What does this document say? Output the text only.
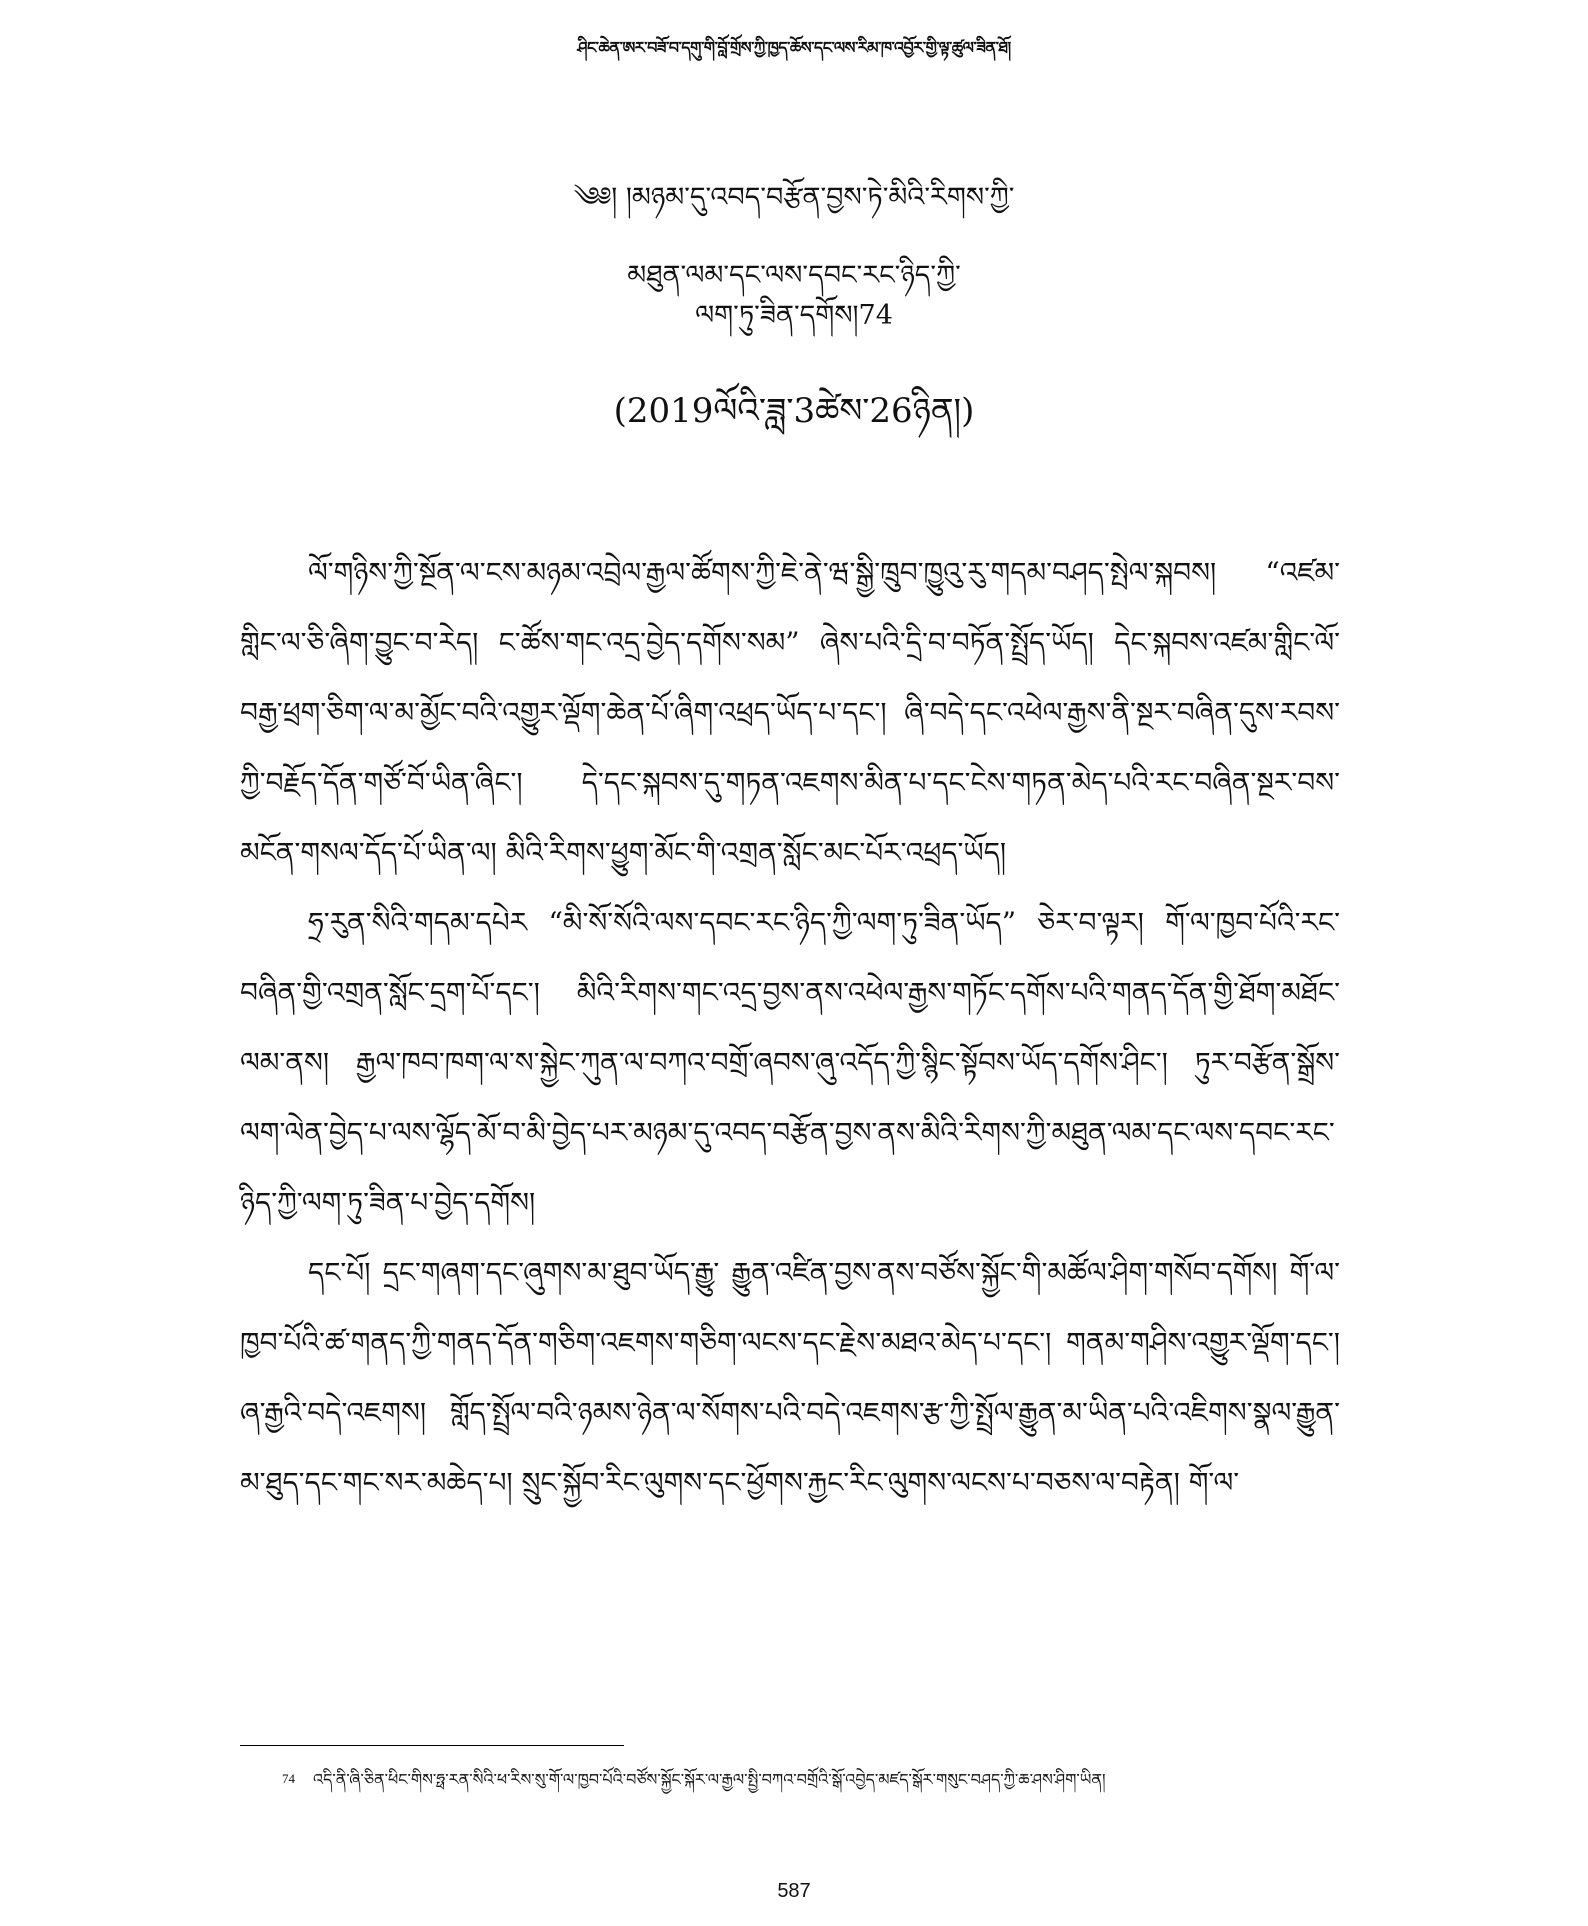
ཤིང་ཆེན་ཨར་བཟོ་བ་དགུ་གི་བློ་གྲོས་ཀྱི་ཁྱད་ཆོས་དང་ལས་རིམ་ཁ་འབྱོར་གྱི་ལྟ་ཚུལ་ཟིན་ཐོ།
༄༅། །མཉམ་དུ་འབད་བརྩོན་བྱས་ཏེ་མིའི་རིགས་ཀྱི་
མཐུན་ལམ་དང་ལས་དབང་རང་ཉིད་ཀྱི་
ལག་ཏུ་ཟིན་དགོས།74
(2019ལོའི་ཟླ་3ཚེས་26ཉིན།)

ལོ་གཉིས་ཀྱི་སྔོན་ལ་ངས་མཉམ་འབྲེལ་རྒྱལ་ཚོགས་ཀྱི་ཇེ་ནེ་ཝ་སྒྱི་ཁྲུབ་ཁྱུའུ་རུ་གདམ་བཤད་སྤེལ་སྐབས། “འཛམ་གླིང་ལ་ཅི་ཞིག་བྱུང་བ་རེད། ང་ཚོས་གང་འདྲ་བྱེད་དགོས་སམ” ཞེས་པའི་དྲི་བ་བཏོན་སྤྲོད་ཡོད། དེང་སྐབས་འཛམ་གླིང་ལོ་བརྒྱ་ཕྲག་ཅིག་ལ་མ་མྱོང་བའི་འགྱུར་ལྡོག་ཆེན་པོ་ཞིག་འཕྲད་ཡོད་པ་དང་། ཞི་བདེ་དང་འཕེལ་རྒྱས་ནི་སྔར་བཞིན་དུས་རབས་ཀྱི་བརྗོད་དོན་གཙོ་བོ་ཡིན་ཞིང་། དེ་དང་སྐབས་དུ་གཏན་འཇགས་མིན་པ་དང་ངེས་གཏན་མེད་པའི་རང་བཞིན་སྔར་བས་མངོན་གསལ་དོད་པོ་ཡིན་ལ། མིའི་རིགས་ཕྱུག་མོང་གི་འགྲན་སློང་མང་པོར་འཕྲད་ཡོད།

ཧྲ་རུན་སིའི་གདམ་དཔེར “མི་སོ་སོའི་ལས་དབང་རང་ཉིད་ཀྱི་ལག་ཏུ་ཟིན་ཡོད” ཅེར་བ་ལྟར། གོ་ལ་ཁྱབ་པོའི་རང་བཞིན་གྱི་འགྲན་སློང་དྲག་པོ་དང་། མིའི་རིགས་གང་འདྲ་བྱས་ནས་འཕེལ་རྒྱས་གཏོང་དགོས་པའི་གནད་དོན་གྱི་ཐོག་མཐོང་ལམ་ནས། རྒྱལ་ཁབ་ཁག་ལ་ས་སྐྱེང་ཀུན་ལ་བཀའ་བགྲོ་ཞབས་ཞུ་འདོད་ཀྱི་སྙིང་སྟོབས་ཡོད་དགོས་ཤིང་། ཏུར་བརྩོན་སྒྲོས་ལག་ལེན་བྱེད་པ་ལས་ལྷོད་མོ་བ་མི་བྱེད་པར་མཉམ་དུ་འབད་བརྩོན་བྱས་ནས་མིའི་རིགས་ཀྱི་མཐུན་ལམ་དང་ལས་དབང་རང་ཉིད་ཀྱི་ལག་ཏུ་ཟིན་པ་བྱེད་དགོས།

དང་པོ། དྲང་གཞག་དང་ཞུགས་མ་ཐུབ་ཡོད་རྒྱུ་ རྒྱུན་འཛིན་བྱས་ནས་བཙོས་སྐྱོང་གི་མཚོལ་ཤིག་གསོབ་དགོས། གོ་ལ་ཁྱབ་པོའི་ཚ་གནད་ཀྱི་གནད་དོན་གཅིག་འཇགས་གཅིག་ལངས་དང་རྗེས་མཐའ་མེད་པ་དང་། གནམ་གཤིས་འགྱུར་ལྡོག་དང་། ཞ་རྒྱའི་བདེ་འཇགས། གློད་སྤྲོལ་བའི་ཉམས་ཉེན་ལ་སོགས་པའི་བདེ་འཇགས་རྩ་ཀྱི་སྤྲོལ་རྒྱུན་མ་ཡིན་པའི་འཇིགས་སྣལ་རྒྱུན་མ་ཐུད་དང་གང་སར་མཆེད་པ། སྲུང་སྐྱོབ་རིང་ལུགས་དང་ཕྱོགས་རྐྱང་རིང་ལུགས་ལངས་པ་བཅས་ལ་བརྟེན། གོ་ལ་

74 འདི་ནི་ཞི་ཅིན་ཕིང་གིས་ཧྥ་རན་སིའི་ཕ་རིས་སུ་གོ་ལ་ཁྱབ་པོའི་བཙོས་སྐྱོང་སྐོར་ལ་རྒྱལ་སྤྱི་བཀའ་བགྲོའི་སྒོ་འབྱེད་མཛད་སྒོར་གསུང་བཤད་ཀྱི་ཆ་ཤས་ཤིག་ཡིན།
587
